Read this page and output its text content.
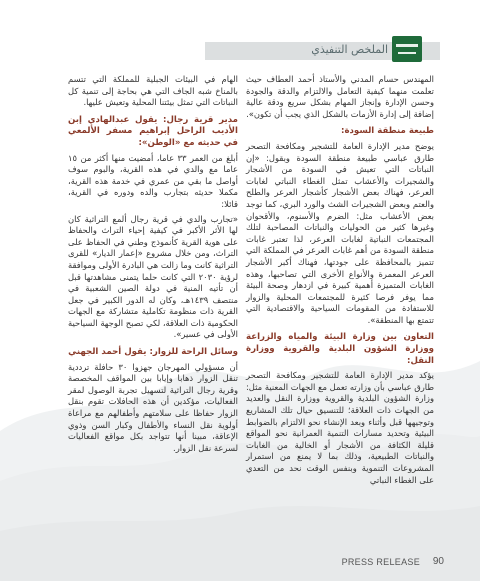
الملخص التنفيذي

المهندس حسام المدني والأستاذ أحمد العطاف حيث تعلمت منهما كيفية التعامل والالتزام والدقة والجودة وحسن الإدارة وإنجاز المهام بشكل سريع ودقة عالية إضافة إلى إدارة الأزمات بالشكل الذي يجب أن تكون».

طبيعة منطقة السودة:

يوضح مدير الإدارة العامة للتشجير ومكافحة التصحر طارق عباسي طبيعة منطقة السودة وبقول: «إن النباتات التي تعيش في السودة من الأشجار والشجيرات والأعشاب تمثل الغطاء النباتي لغابات العرعر، فهناك بعض الأشجار كأشجار العرعر والطلح والعتم وبعض الشجيرات الشث والورد البري، كما توجد بعض الأعشاب مثل: الضرم والأسنوم، والأقحوان وغيرها كثير من الحوليات والنباتات المصاحبة لتلك المجتمعات النباتية لغابات العرعر، لذا تعتبر غابات منطقة السودة من أهم غابات العرعر في المملكة التي تتميز بالمحافظة على جودتها، فهناك أكبر الأشجار العرعر المعمرة والأنواع الأخرى التي تصاحبها، وهذه الغابات المتميزة أهمية كبيرة في ازدهار وصحة البيئة مما يوفر فرصا كثيرة للمجتمعات المحلية والزوار للاستفادة من المقومات السياحية والاقتصادية التي تتمتع بها المنطقة».

التعاون بين وزارة البيئة والمياه والزراعة ووزارة الشؤون البلدية والقروية ووزارة النقل:

يؤكد مدير الإدارة العامة للتشجير ومكافحة التصحر طارق عباسي بأن وزارته تعمل مع الجهات المعنية مثل: وزارة الشؤون البلدية والقروية ووزارة النقل والعديد من الجهات ذات العلاقة؛ للتنسيق حيال تلك المشاريع وتوجيهها قبل وأثناء وبعد الإنشاء نحو الالتزام بالضوابط البيئية وتحديد مسارات التنمية العمرانية نحو المواقع قليلة الكثافة من الأشجار أو الخالية من الغابات والنباتات الطبيعية، وذلك بما لا يمنع من استمرار المشروعات التنموية وبنفس الوقت نحد من التعدي على الغطاء النباتي

الهام في البيئات الجبلية للمملكة التي تتسم بالمناخ شبه الجاف التي هي بحاجة إلى تنمية كل النباتات التي تمثل بيئتنا المحلية وتعيش عليها.

مدير قرية رجال: يقول عبدالهادي إبن الأديب الراحل إبراهيم مسفر الألمعي في حديثه مع «الوطن»:

أبلغ من العمر ٣٣ عاما، أمضيت منها أكثر من ١٥ عاما مع والدي في هذه القرية، والبوم سوف أواصل ما بقي من عمري في خدمة هذه القرية، مكملا حديثه بتجارب والده ودوره في القرية، قائلا:

«تجارب والدي في قرية رجال ألمع التراثية كان لها الأثر الأكبر في كيفية إحياء التراث والحفاظ على هوية القرية كأنموذج وطني في الحفاظ على التراث، ومن خلال مشروع «إعمار الديار» للقرى التراثية كانت وما زالت هي البادرة الأولى وموافقة لرؤية ٢٠٣٠ التي كانت حلما يتمنى مشاهدتها قبل أن تأتيه المنية في دولة الصين الشعبية في منتصف ١٤٣٩هـ، وكان له الدور الكبير في جعل القرية ذات منظومة تكاملية متشاركة مع الجهات الحكومية ذات العلاقة، لكي تصبح الوجهة السياحية الأولى في عسير».

وسائل الراحة للزوار: يقول أحمد الجهني

أن مسؤولي المهرجان جهزوا ٣٠ حافلة ترددية تنقل الزوار ذهابا وإيابا بين المواقف المخصصة وقرية رجال التراثية لتسهيل تجربة الوصول لمقر الفعاليات، مؤكدين أن هذه الحافلات تقوم بنقل الزوار حفاظا على سلامتهم وأطفالهم مع مراعاة أولوية نقل النساء والأطفال وكبار السن وذوي الإعاقة، مبينا أنها تتواجد بكل مواقع الفعاليات لسرعة نقل الزوار.

PRESS RELEASE 90
